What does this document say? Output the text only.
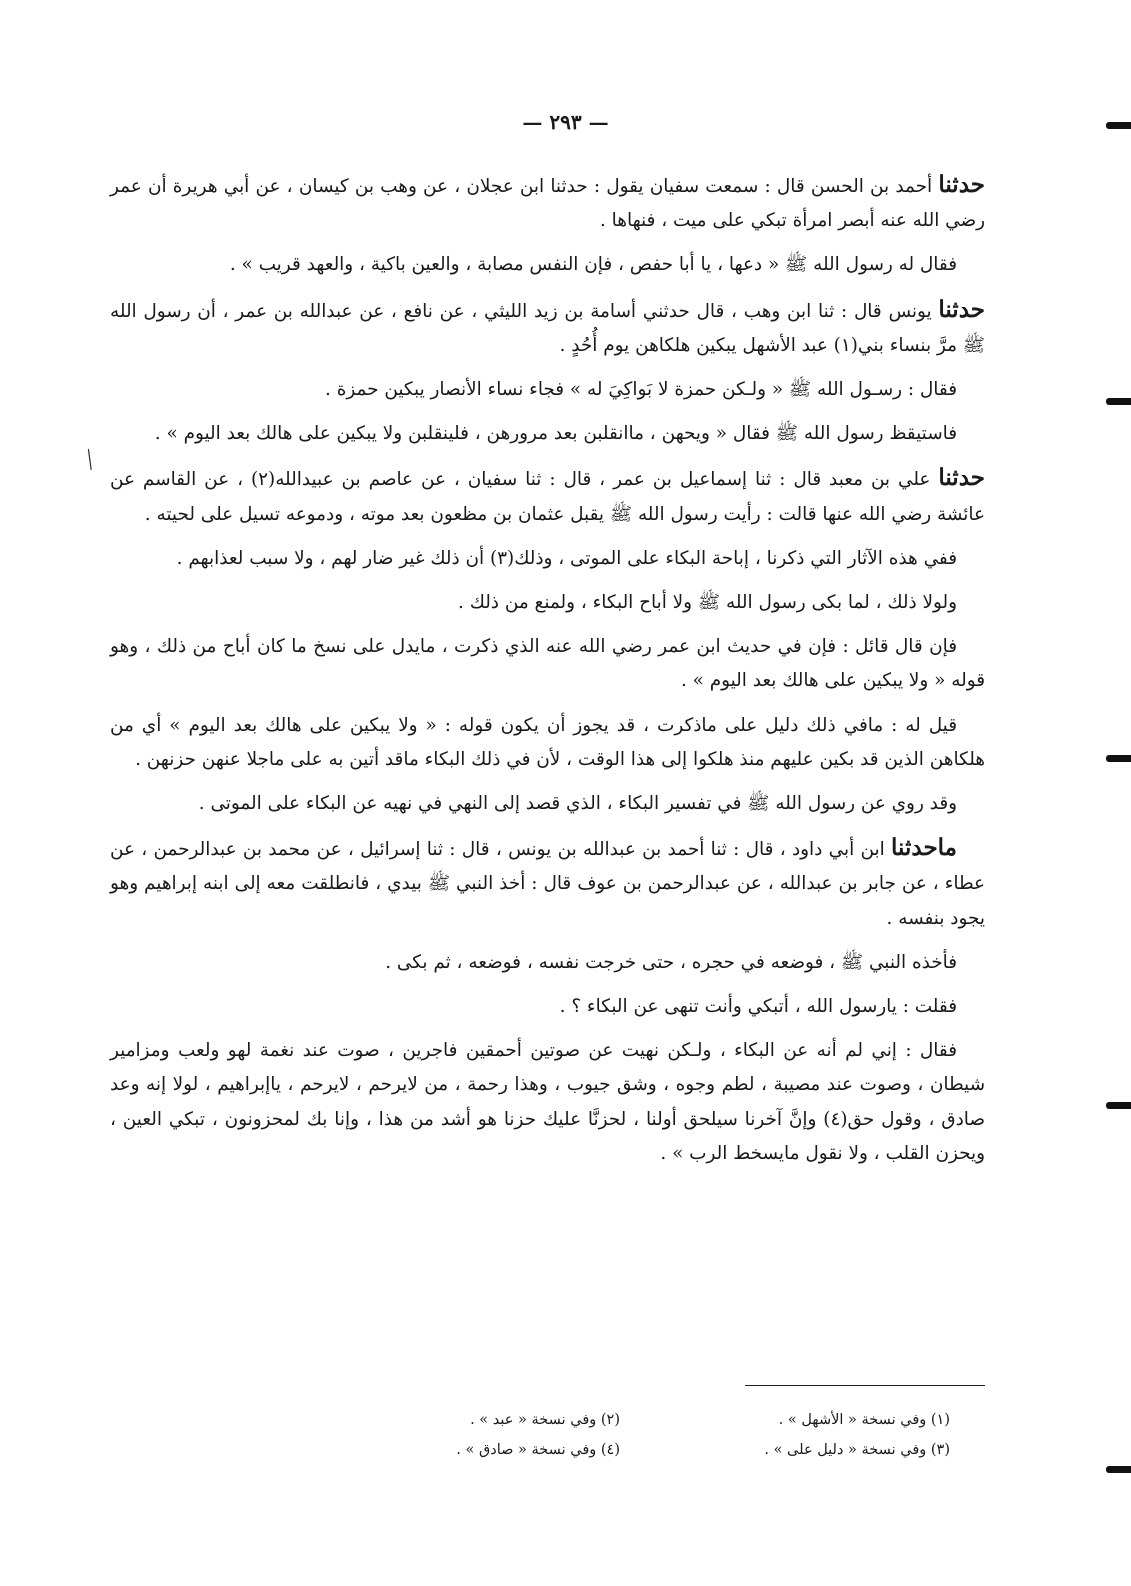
— ٢٩٣ —

حدثنا أحمد بن الحسن قال : سمعت سفيان يقول : حدثنا ابن عجلان ، عن وهب بن كيسان ، عن أبي هريرة أن عمر رضي الله عنه أبصر امرأة تبكي على ميت ، فنهاها .

فقال له رسول الله ﷺ « دعها ، يا أبا حفص ، فإن النفس مصابة ، والعين باكية ، والعهد قريب » .

حدثنا يونس قال : ثنا ابن وهب ، قال حدثني أسامة بن زيد الليثي ، عن نافع ، عن عبدالله بن عمر ، أن رسول الله ﷺ مرَّ بنساء بني(١) عبد الأشهل يبكين هلكاهن يوم أُحُدٍ .

فقال : رسـول الله ﷺ « ولـكن حمزة لا بَواكِيَ له » فجاء نساء الأنصار يبكين حمزة .

فاستيقظ رسول الله ﷺ فقال « ويحهن ، ماانقلبن بعد مرورهن ، فلينقلبن ولا يبكين على هالك بعد اليوم » .

حدثنا علي بن معبد قال : ثنا إسماعيل بن عمر ، قال : ثنا سفيان ، عن عاصم بن عبيدالله(٢) ، عن القاسم عن عائشة رضي الله عنها قالت : رأيت رسول الله ﷺ يقبل عثمان بن مظعون بعد موته ، ودموعه تسيل على لحيته .

ففي هذه الآثار التي ذكرنا ، إباحة البكاء على الموتى ، وذلك(٣) أن ذلك غير ضار لهم ، ولا سبب لعذابهم .

ولولا ذلك ، لما بكى رسول الله ﷺ ولا أباح البكاء ، ولمنع من ذلك .

فإن قال قائل : فإن في حديث ابن عمر رضي الله عنه الذي ذكرت ، مايدل على نسخ ما كان أباح من ذلك ، وهو قوله « ولا يبكين على هالك بعد اليوم » .

قيل له : مافي ذلك دليل على ماذكرت ، قد يجوز أن يكون قوله : « ولا يبكين على هالك بعد اليوم » أي من هلكاهن الذين قد بكين عليهم منذ هلكوا إلى هذا الوقت ، لأن في ذلك البكاء ماقد أتين به على ماجلا عنهن حزنهن .

وقد روي عن رسول الله ﷺ في تفسير البكاء ، الذي قصد إلى النهي في نهيه عن البكاء على الموتى .

ماحدثنا ابن أبي داود ، قال : ثنا أحمد بن عبدالله بن يونس ، قال : ثنا إسرائيل ، عن محمد بن عبدالرحمن ، عن عطاء ، عن جابر بن عبدالله ، عن عبدالرحمن بن عوف قال : أخذ النبي ﷺ بيدي ، فانطلقت معه إلى ابنه إبراهيم وهو يجود بنفسه .

فأخذه النبي ﷺ ، فوضعه في حجره ، حتى خرجت نفسه ، فوضعه ، ثم بكى .

فقلت : يارسول الله ، أتبكي وأنت تنهى عن البكاء ؟ .

فقال : إني لم أنه عن البكاء ، ولـكن نهيت عن صوتين أحمقين فاجرين ، صوت عند نغمة لهو ولعب ومزامير شيطان ، وصوت عند مصيبة ، لطم وجوه ، وشق جيوب ، وهذا رحمة ، من لايرحم ، لايرحم ، ياإبراهيم ، لولا إنه وعد صادق ، وقول حق(٤) وإنَّ آخرنا سيلحق أولنا ، لحزنَّا عليك حزنا هو أشد من هذا ، وإنا بك لمحزونون ، تبكي العين ، ويحزن القلب ، ولا نقول مايسخط الرب » .

(١) وفي نسخة « الأشهل » .
(٢) وفي نسخة « عبد » .
(٣) وفي نسخة « دليل على » .
(٤) وفي نسخة « صادق » .
╱
